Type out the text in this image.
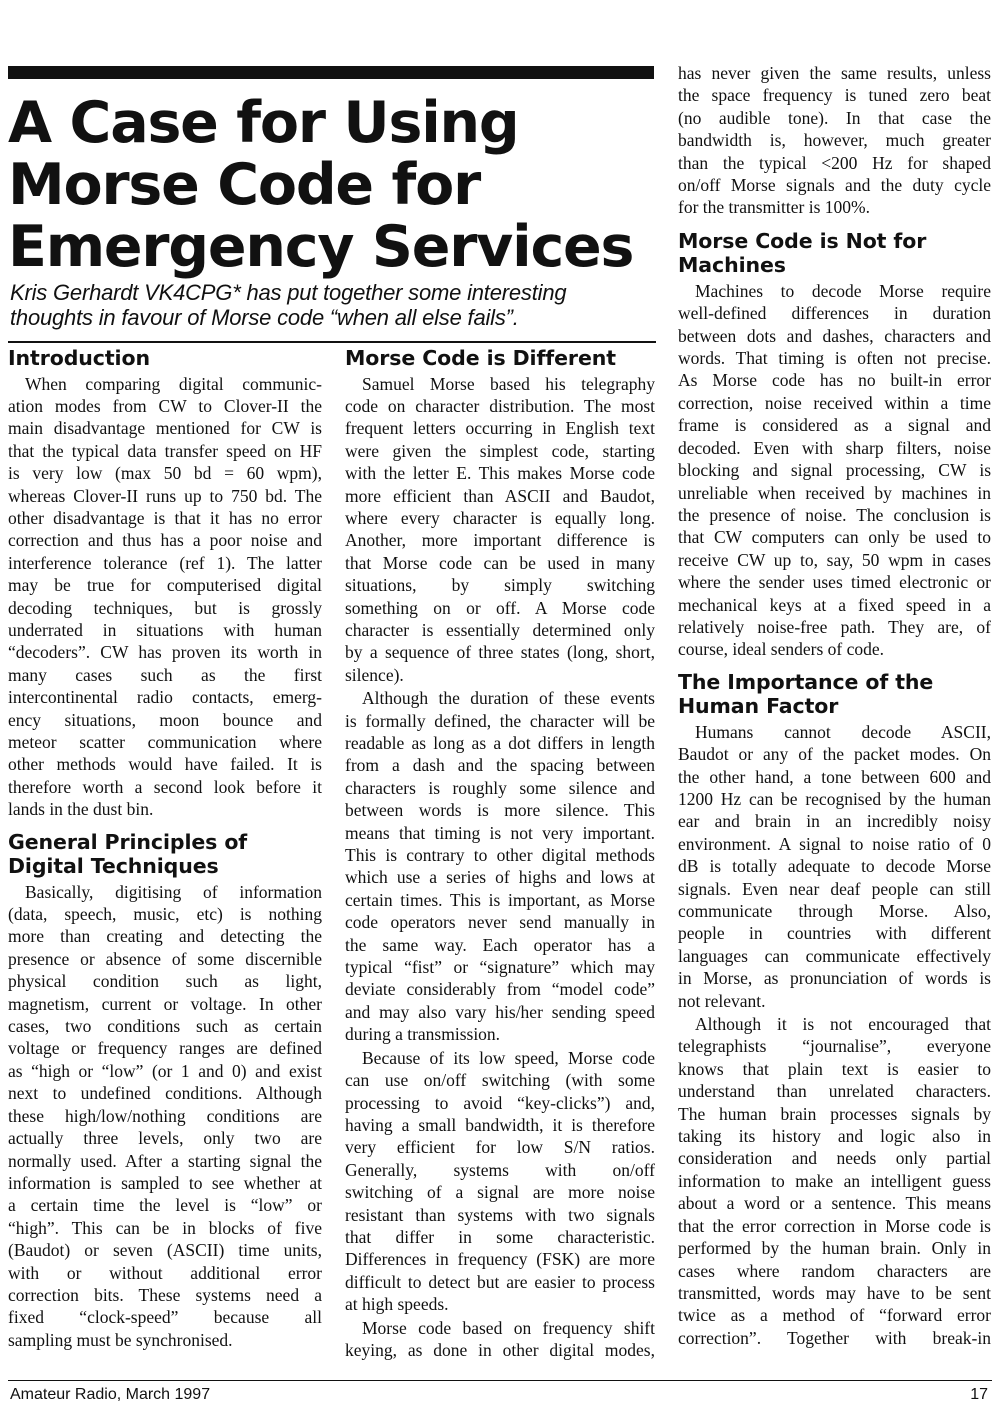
A Case for Using
Morse Code for
Emergency Services

Kris Gerhardt VK4CPG* has put together some interesting
thoughts in favour of Morse code “when all else fails”.

Introduction
When comparing digital communic-
ation modes from CW to Clover-II the
main disadvantage mentioned for CW is
that the typical data transfer speed on HF
is very low (max 50 bd = 60 wpm),
whereas Clover-II runs up to 750 bd. The
other disadvantage is that it has no error
correction and thus has a poor noise and
interference tolerance (ref 1). The latter
may be true for computerised digital
decoding techniques, but is grossly
underrated in situations with human
“decoders”. CW has proven its worth in
many cases such as the first
intercontinental radio contacts, emerg-
ency situations, moon bounce and
meteor scatter communication where
other methods would have failed. It is
therefore worth a second look before it
lands in the dust bin.
General Principles of
Digital Techniques
Basically, digitising of information
(data, speech, music, etc) is nothing
more than creating and detecting the
presence or absence of some discernible
physical condition such as light,
magnetism, current or voltage. In other
cases, two conditions such as certain
voltage or frequency ranges are defined
as “high or “low” (or 1 and 0) and exist
next to undefined conditions. Although
these high/low/nothing conditions are
actually three levels, only two are
normally used. After a starting signal the
information is sampled to see whether at
a certain time the level is “low” or
“high”. This can be in blocks of five
(Baudot) or seven (ASCII) time units,
with or without additional error
correction bits. These systems need a
fixed “clock-speed” because all
sampling must be synchronised.
Morse Code is Different
Samuel Morse based his telegraphy
code on character distribution. The most
frequent letters occurring in English text
were given the simplest code, starting
with the letter E. This makes Morse code
more efficient than ASCII and Baudot,
where every character is equally long.
Another, more important difference is
that Morse code can be used in many
situations, by simply switching
something on or off. A Morse code
character is essentially determined only
by a sequence of three states (long, short,
silence).
Although the duration of these events
is formally defined, the character will be
readable as long as a dot differs in length
from a dash and the spacing between
characters is roughly some silence and
between words is more silence. This
means that timing is not very important.
This is contrary to other digital methods
which use a series of highs and lows at
certain times. This is important, as Morse
code operators never send manually in
the same way. Each operator has a
typical “fist” or “signature” which may
deviate considerably from “model code”
and may also vary his/her sending speed
during a transmission.
Because of its low speed, Morse code
can use on/off switching (with some
processing to avoid “key-clicks”) and,
having a small bandwidth, it is therefore
very efficient for low S/N ratios.
Generally, systems with on/off
switching of a signal are more noise
resistant than systems with two signals
that differ in some characteristic.
Differences in frequency (FSK) are more
difficult to detect but are easier to process
at high speeds.
Morse code based on frequency shift
keying, as done in other digital modes,
has never given the same results, unless
the space frequency is tuned zero beat
(no audible tone). In that case the
bandwidth is, however, much greater
than the typical <200 Hz for shaped
on/off Morse signals and the duty cycle
for the transmitter is 100%.
Morse Code is Not for
Machines
Machines to decode Morse require
well-defined differences in duration
between dots and dashes, characters and
words. That timing is often not precise.
As Morse code has no built-in error
correction, noise received within a time
frame is considered as a signal and
decoded. Even with sharp filters, noise
blocking and signal processing, CW is
unreliable when received by machines in
the presence of noise. The conclusion is
that CW computers can only be used to
receive CW up to, say, 50 wpm in cases
where the sender uses timed electronic or
mechanical keys at a fixed speed in a
relatively noise-free path. They are, of
course, ideal senders of code.
The Importance of the
Human Factor
Humans cannot decode ASCII,
Baudot or any of the packet modes. On
the other hand, a tone between 600 and
1200 Hz can be recognised by the human
ear and brain in an incredibly noisy
environment. A signal to noise ratio of 0
dB is totally adequate to decode Morse
signals. Even near deaf people can still
communicate through Morse. Also,
people in countries with different
languages can communicate effectively
in Morse, as pronunciation of words is
not relevant.
Although it is not encouraged that
telegraphists “journalise”, everyone
knows that plain text is easier to
understand than unrelated characters.
The human brain processes signals by
taking its history and logic also in
consideration and needs only partial
information to make an intelligent guess
about a word or a sentence. This means
that the error correction in Morse code is
performed by the human brain. Only in
cases where random characters are
transmitted, words may have to be sent
twice as a method of “forward error
correction”. Together with break-in
Amateur Radio, March 1997	17
